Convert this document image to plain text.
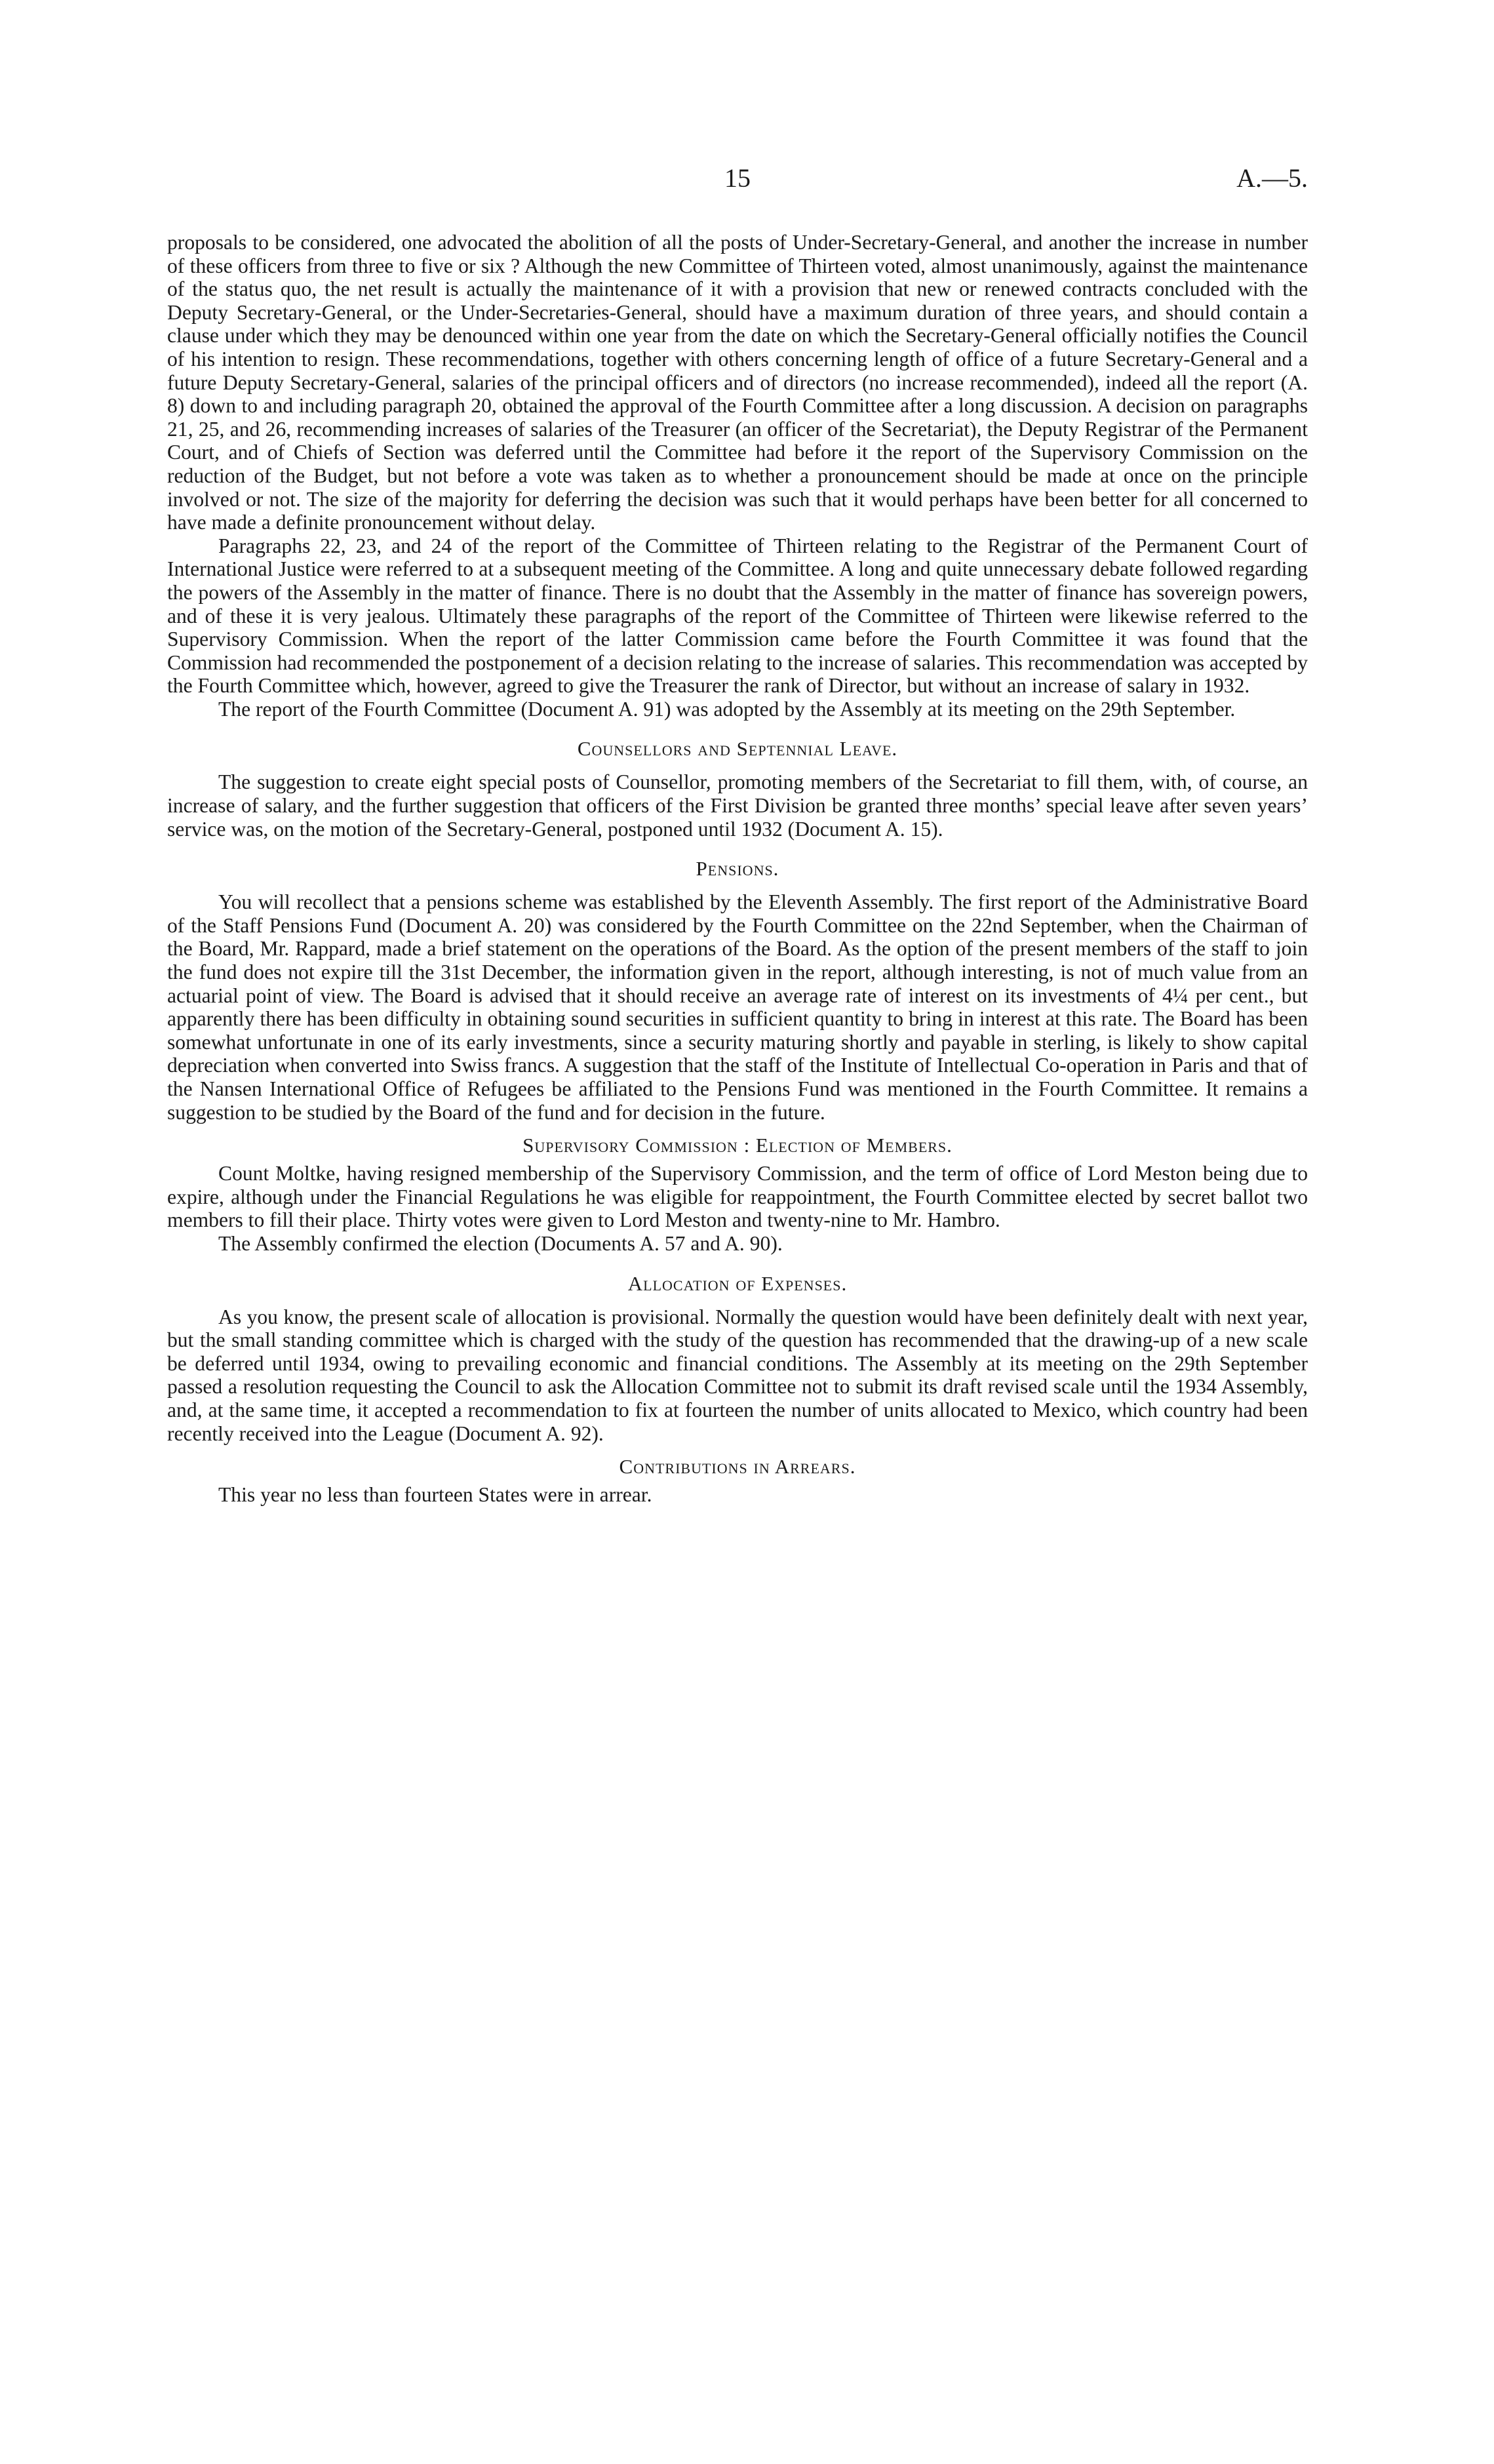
15	A.—5.

proposals to be considered, one advocated the abolition of all the posts of Under-Secretary-General, and another the increase in number of these officers from three to five or six ? Although the new Committee of Thirteen voted, almost unanimously, against the maintenance of the status quo, the net result is actually the maintenance of it with a provision that new or renewed contracts concluded with the Deputy Secretary-General, or the Under-Secretaries-General, should have a maximum duration of three years, and should contain a clause under which they may be denounced within one year from the date on which the Secretary-General officially notifies the Council of his intention to resign. These recommendations, together with others concerning length of office of a future Secretary-General and a future Deputy Secretary-General, salaries of the principal officers and of directors (no increase recommended), indeed all the report (A. 8) down to and including paragraph 20, obtained the approval of the Fourth Committee after a long discussion. A decision on paragraphs 21, 25, and 26, recommending increases of salaries of the Treasurer (an officer of the Secretariat), the Deputy Registrar of the Permanent Court, and of Chiefs of Section was deferred until the Committee had before it the report of the Supervisory Commission on the reduction of the Budget, but not before a vote was taken as to whether a pronouncement should be made at once on the principle involved or not. The size of the majority for deferring the decision was such that it would perhaps have been better for all concerned to have made a definite pronouncement without delay.

Paragraphs 22, 23, and 24 of the report of the Committee of Thirteen relating to the Registrar of the Permanent Court of International Justice were referred to at a subsequent meeting of the Committee. A long and quite unnecessary debate followed regarding the powers of the Assembly in the matter of finance. There is no doubt that the Assembly in the matter of finance has sovereign powers, and of these it is very jealous. Ultimately these paragraphs of the report of the Committee of Thirteen were likewise referred to the Supervisory Commission. When the report of the latter Commission came before the Fourth Committee it was found that the Commission had recommended the postponement of a decision relating to the increase of salaries. This recommendation was accepted by the Fourth Committee which, however, agreed to give the Treasurer the rank of Director, but without an increase of salary in 1932.

The report of the Fourth Committee (Document A. 91) was adopted by the Assembly at its meeting on the 29th September.

Counsellors and Septennial Leave.

The suggestion to create eight special posts of Counsellor, promoting members of the Secretariat to fill them, with, of course, an increase of salary, and the further suggestion that officers of the First Division be granted three months’ special leave after seven years’ service was, on the motion of the Secretary-General, postponed until 1932 (Document A. 15).

Pensions.

You will recollect that a pensions scheme was established by the Eleventh Assembly. The first report of the Administrative Board of the Staff Pensions Fund (Document A. 20) was considered by the Fourth Committee on the 22nd September, when the Chairman of the Board, Mr. Rappard, made a brief statement on the operations of the Board. As the option of the present members of the staff to join the fund does not expire till the 31st December, the information given in the report, although interesting, is not of much value from an actuarial point of view. The Board is advised that it should receive an average rate of interest on its investments of 4¼ per cent., but apparently there has been difficulty in obtaining sound securities in sufficient quantity to bring in interest at this rate. The Board has been somewhat unfortunate in one of its early investments, since a security maturing shortly and payable in sterling, is likely to show capital depreciation when converted into Swiss francs. A suggestion that the staff of the Institute of Intellectual Co-operation in Paris and that of the Nansen International Office of Refugees be affiliated to the Pensions Fund was mentioned in the Fourth Committee. It remains a suggestion to be studied by the Board of the fund and for decision in the future.

Supervisory Commission : Election of Members.

Count Moltke, having resigned membership of the Supervisory Commission, and the term of office of Lord Meston being due to expire, although under the Financial Regulations he was eligible for reappointment, the Fourth Committee elected by secret ballot two members to fill their place. Thirty votes were given to Lord Meston and twenty-nine to Mr. Hambro.

The Assembly confirmed the election (Documents A. 57 and A. 90).

Allocation of Expenses.

As you know, the present scale of allocation is provisional. Normally the question would have been definitely dealt with next year, but the small standing committee which is charged with the study of the question has recommended that the drawing-up of a new scale be deferred until 1934, owing to prevailing economic and financial conditions. The Assembly at its meeting on the 29th September passed a resolution requesting the Council to ask the Allocation Committee not to submit its draft revised scale until the 1934 Assembly, and, at the same time, it accepted a recommendation to fix at fourteen the number of units allocated to Mexico, which country had been recently received into the League (Document A. 92).

Contributions in Arrears.

This year no less than fourteen States were in arrear.
